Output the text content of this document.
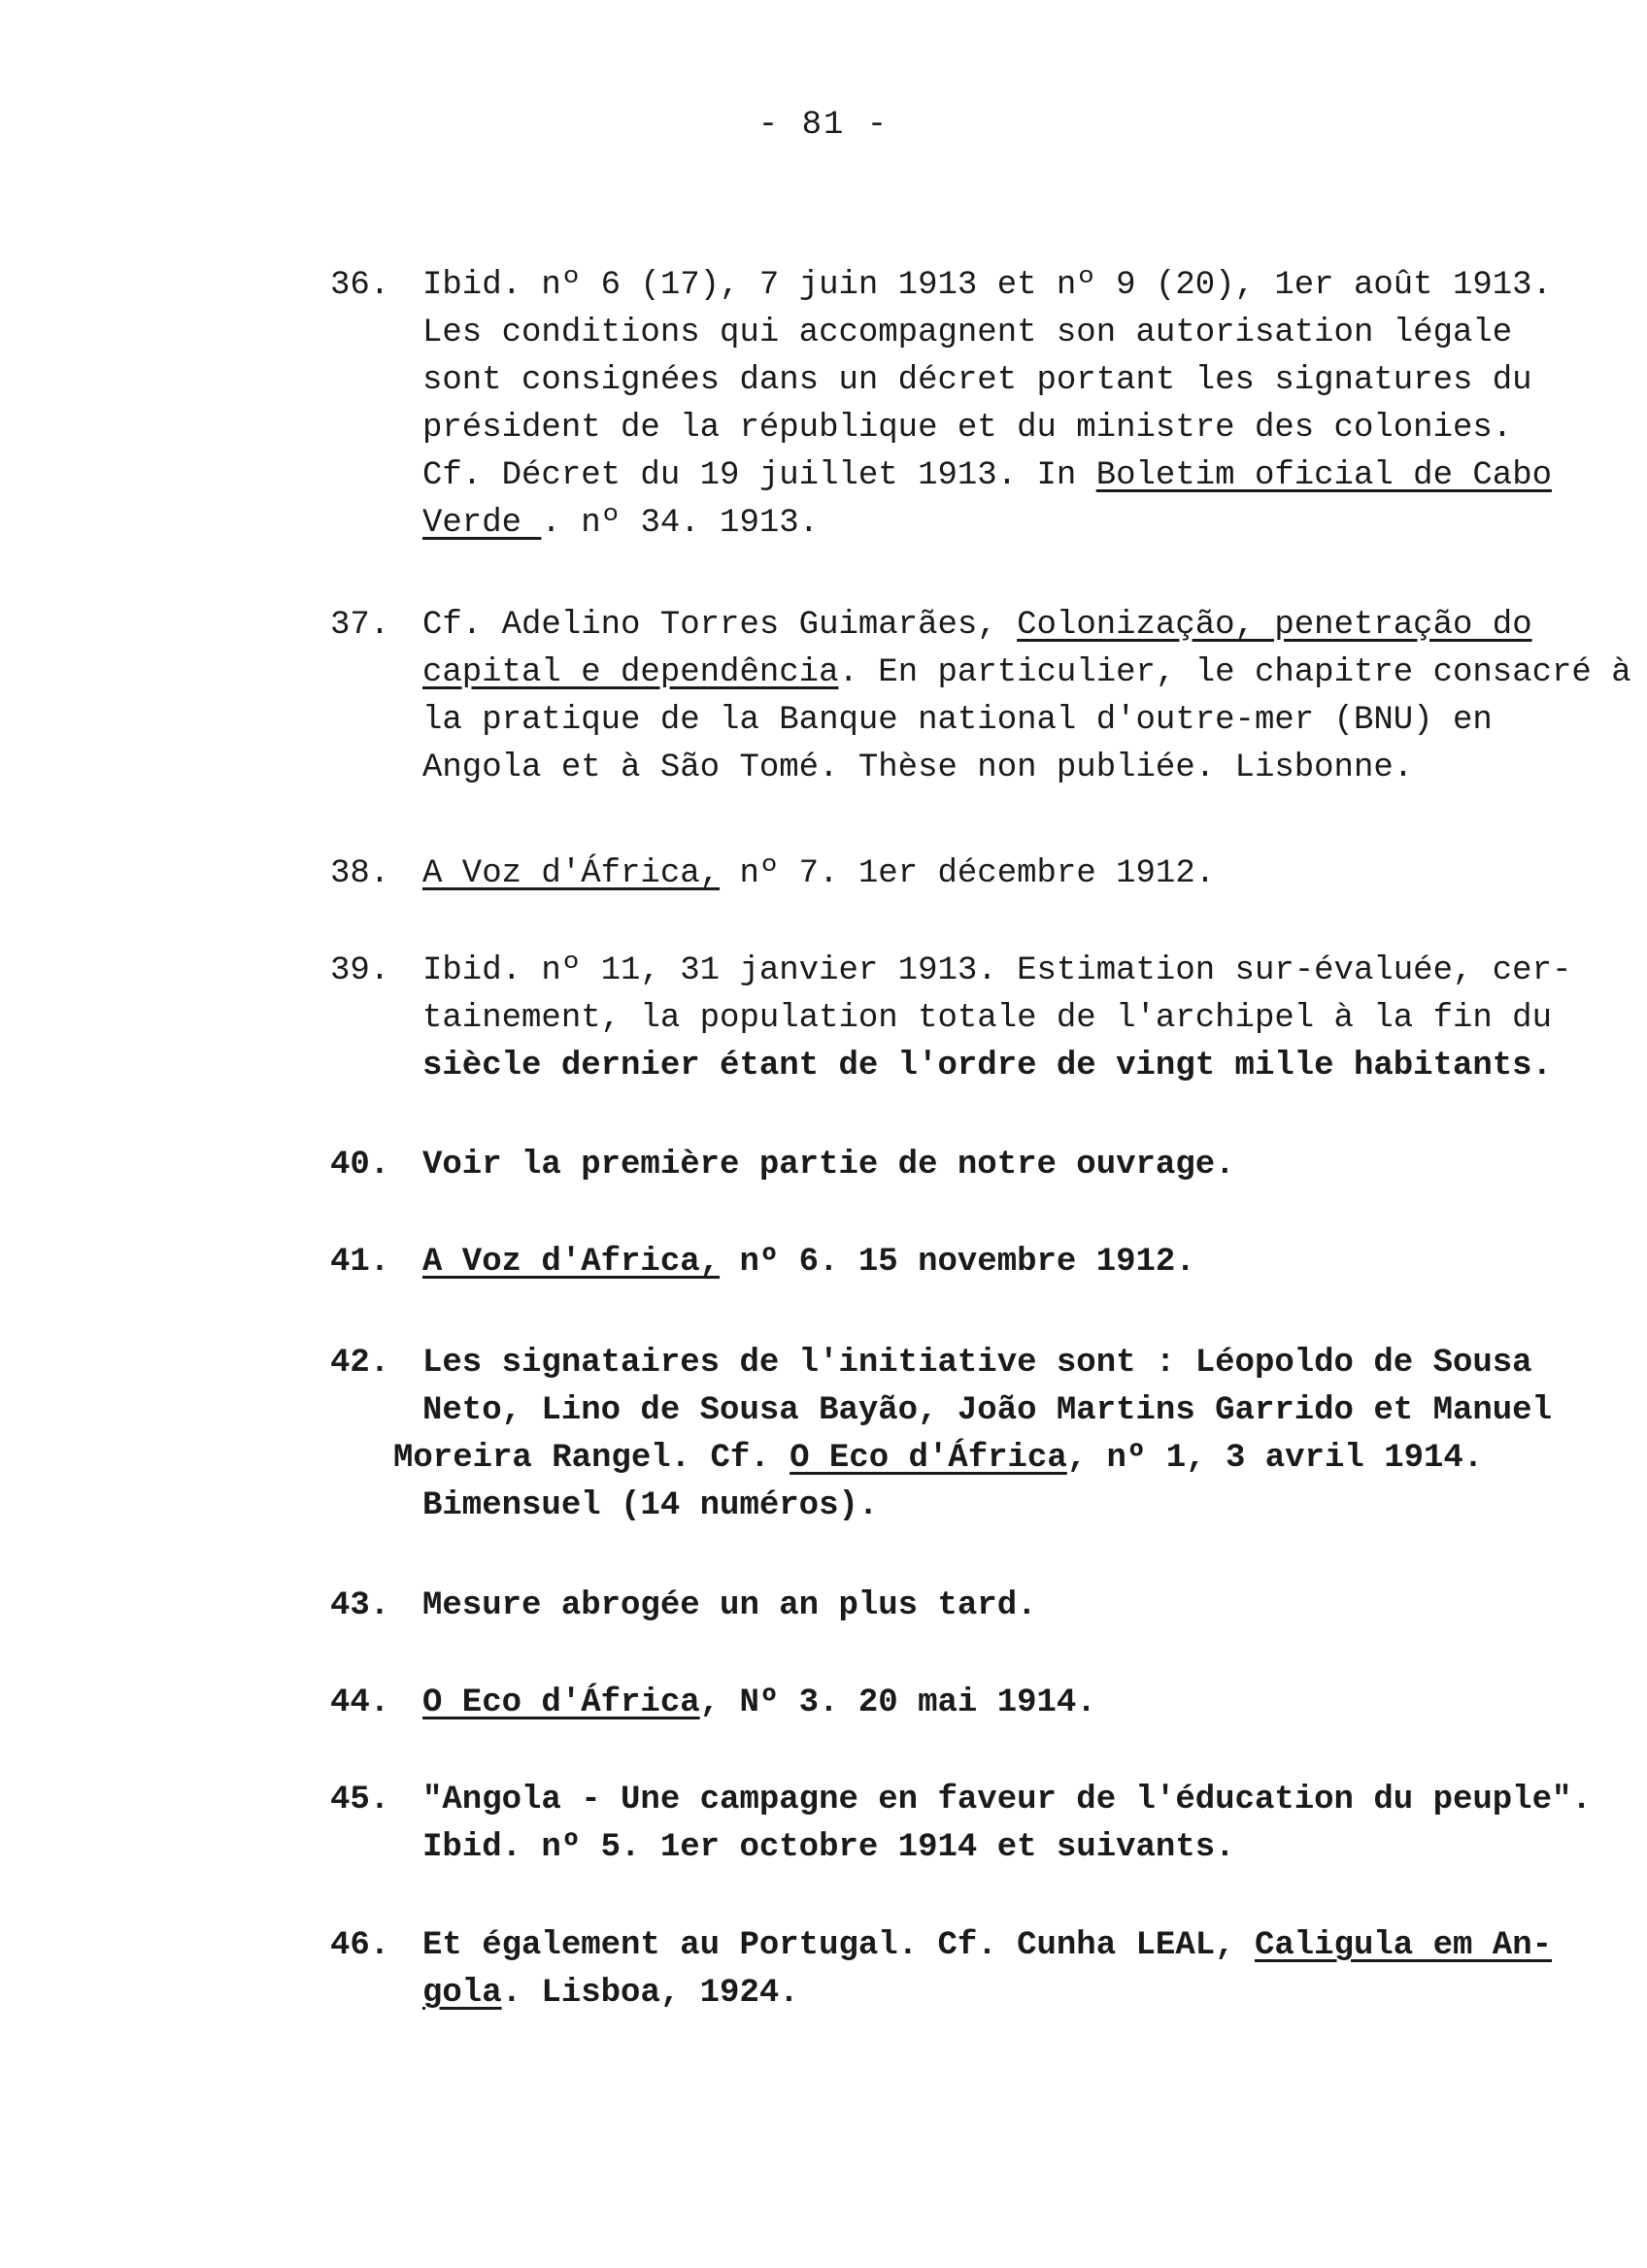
- 81 -
36. Ibid. nº 6 (17), 7 juin 1913 et nº 9 (20), 1er août 1913.
Les conditions qui accompagnent son autorisation légale
sont consignées dans un décret portant les signatures du
président de la république et du ministre des colonies.
Cf. Décret du 19 juillet 1913. In Boletim oficial de Cabo
Verde . nº 34. 1913.
37. Cf. Adelino Torres Guimarães, Colonização, penetração do
capital e dependência. En particulier, le chapitre consacré à
la pratique de la Banque national d'outre-mer (BNU) en
Angola et à São Tomé. Thèse non publiée. Lisbonne.
38. A Voz d'África, nº 7. 1er décembre 1912.
39. Ibid. nº 11, 31 janvier 1913. Estimation sur-évaluée, cer-
tainement, la population totale de l'archipel à la fin du
siècle dernier étant de l'ordre de vingt mille habitants.
40. Voir la première partie de notre ouvrage.
41. A Voz d'Africa, nº 6. 15 novembre 1912.
42. Les signataires de l'initiative sont : Léopoldo de Sousa
Neto, Lino de Sousa Bayão, João Martins Garrido et Manuel
Moreira Rangel. Cf. O Eco d'África, nº 1, 3 avril 1914.
Bimensuel (14 numéros).
43. Mesure abrogée un an plus tard.
44. O Eco d'África, Nº 3. 20 mai 1914.
45. "Angola - Une campagne en faveur de l'éducation du peuple".
Ibid. nº 5. 1er octobre 1914 et suivants.
46. Et également au Portugal. Cf. Cunha LEAL, Caligula em An-
gola. Lisboa, 1924.
